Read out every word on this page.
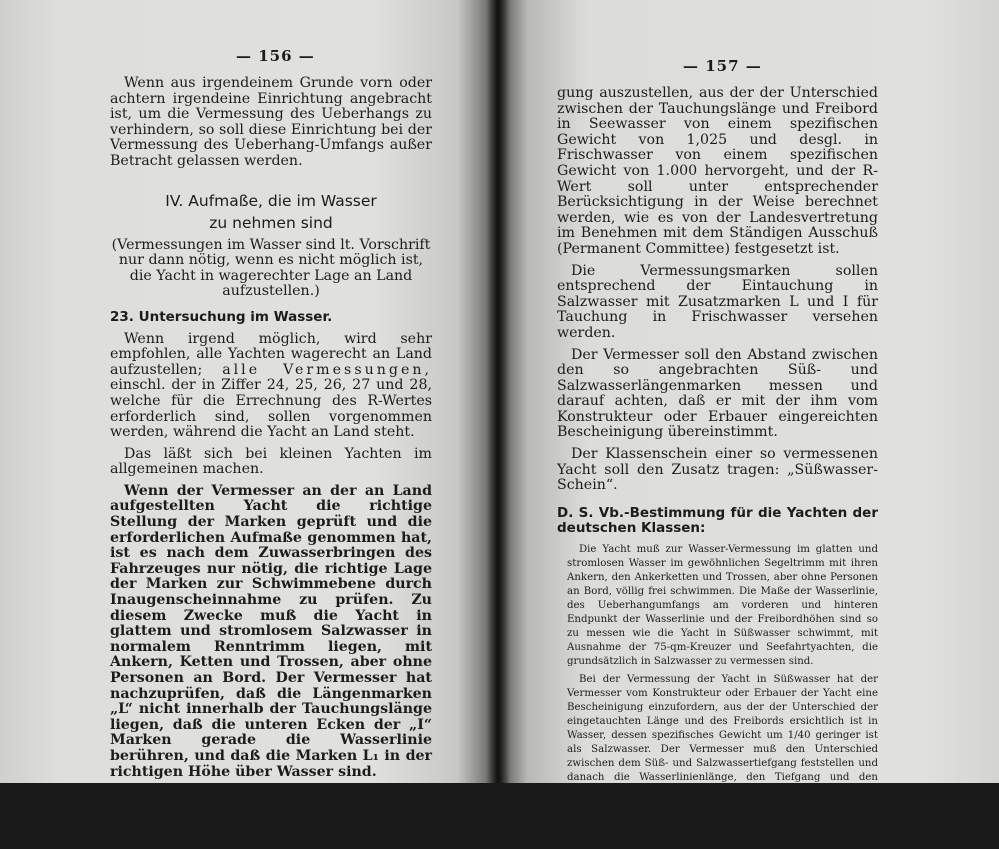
— 156 —

Wenn aus irgendeinem Grunde vorn oder achtern irgendeine Einrichtung angebracht ist, um die Vermessung des Ueberhangs zu verhindern, so soll diese Einrichtung bei der Vermessung des Ueberhang-Umfangs außer Betracht gelassen werden.

IV. Aufmaße, die im Wasser
zu nehmen sind

(Vermessungen im Wasser sind lt. Vorschrift nur dann nötig, wenn es nicht möglich ist, die Yacht in wagerechter Lage an Land aufzustellen.)

23. Untersuchung im Wasser.

Wenn irgend möglich, wird sehr empfohlen, alle Yachten wagerecht an Land aufzustellen; alle Vermessungen, einschl. der in Ziffer 24, 25, 26, 27 und 28, welche für die Errechnung des R-Wertes erforderlich sind, sollen vorgenommen werden, während die Yacht an Land steht.

Das läßt sich bei kleinen Yachten im allgemeinen machen.

Wenn der Vermesser an der an Land aufgestellten Yacht die richtige Stellung der Marken geprüft und die erforderlichen Aufmaße genommen hat, ist es nach dem Zuwasserbringen des Fahrzeuges nur nötig, die richtige Lage der Marken zur Schwimmebene durch Inaugenscheinnahme zu prüfen. Zu diesem Zwecke muß die Yacht in glattem und stromlosem Salzwasser in normalem Renntrimm liegen, mit Ankern, Ketten und Trossen, aber ohne Personen an Bord. Der Vermesser hat nachzuprüfen, daß die Längenmarken „L“ nicht innerhalb der Tauchungslänge liegen, daß die unteren Ecken der „I“ Marken gerade die Wasserlinie berühren, und daß die Marken L₁ in der richtigen Höhe über Wasser sind.

Falls es nötig ist, die Yacht in Frischwasser zu vermessen, soll der Vermesser den Konstrukteur oder Erbauer auffordern, ihm eine Bescheini-

— 157 —

gung auszustellen, aus der der Unterschied zwischen der Tauchungslänge und Freibord in Seewasser von einem spezifischen Gewicht von 1,025 und desgl. in Frischwasser von einem spezifischen Gewicht von 1.000 hervorgeht, und der R-Wert soll unter entsprechender Berücksichtigung in der Weise berechnet werden, wie es von der Landesvertretung im Benehmen mit dem Ständigen Ausschuß (Permanent Committee) festgesetzt ist.

Die Vermessungsmarken sollen entsprechend der Eintauchung in Salzwasser mit Zusatzmarken L und I für Tauchung in Frischwasser versehen werden.

Der Vermesser soll den Abstand zwischen den so angebrachten Süß- und Salzwasserlängenmarken messen und darauf achten, daß er mit der ihm vom Konstrukteur oder Erbauer eingereichten Bescheinigung übereinstimmt.

Der Klassenschein einer so vermessenen Yacht soll den Zusatz tragen: „Süßwasser-Schein“.

D. S. Vb.-Bestimmung für die Yachten der deutschen Klassen:

Die Yacht muß zur Wasser-Vermessung im glatten und stromlosen Wasser im gewöhnlichen Segeltrimm mit ihren Ankern, den Ankerketten und Trossen, aber ohne Personen an Bord, völlig frei schwimmen. Die Maße der Wasserlinie, des Ueberhangumfangs am vorderen und hinteren Endpunkt der Wasserlinie und der Freibordhöhen sind so zu messen wie die Yacht in Süßwasser schwimmt, mit Ausnahme der 75-qm-Kreuzer und Seefahrtyachten, die grundsätzlich in Salzwasser zu vermessen sind.

Bei der Vermessung der Yacht in Süßwasser hat der Vermesser vom Konstrukteur oder Erbauer der Yacht eine Bescheinigung einzufordern, aus der der Unterschied der eingetauchten Länge und des Freibords ersichtlich ist in Wasser, dessen spezifisches Gewicht um 1/40 geringer ist als Salzwasser. Der Vermesser muß den Unterschied zwischen dem Süß- und Salzwassertiefgang feststellen und danach die Wasserlinienlänge, den Tiefgang und den Freibord bemessen.
